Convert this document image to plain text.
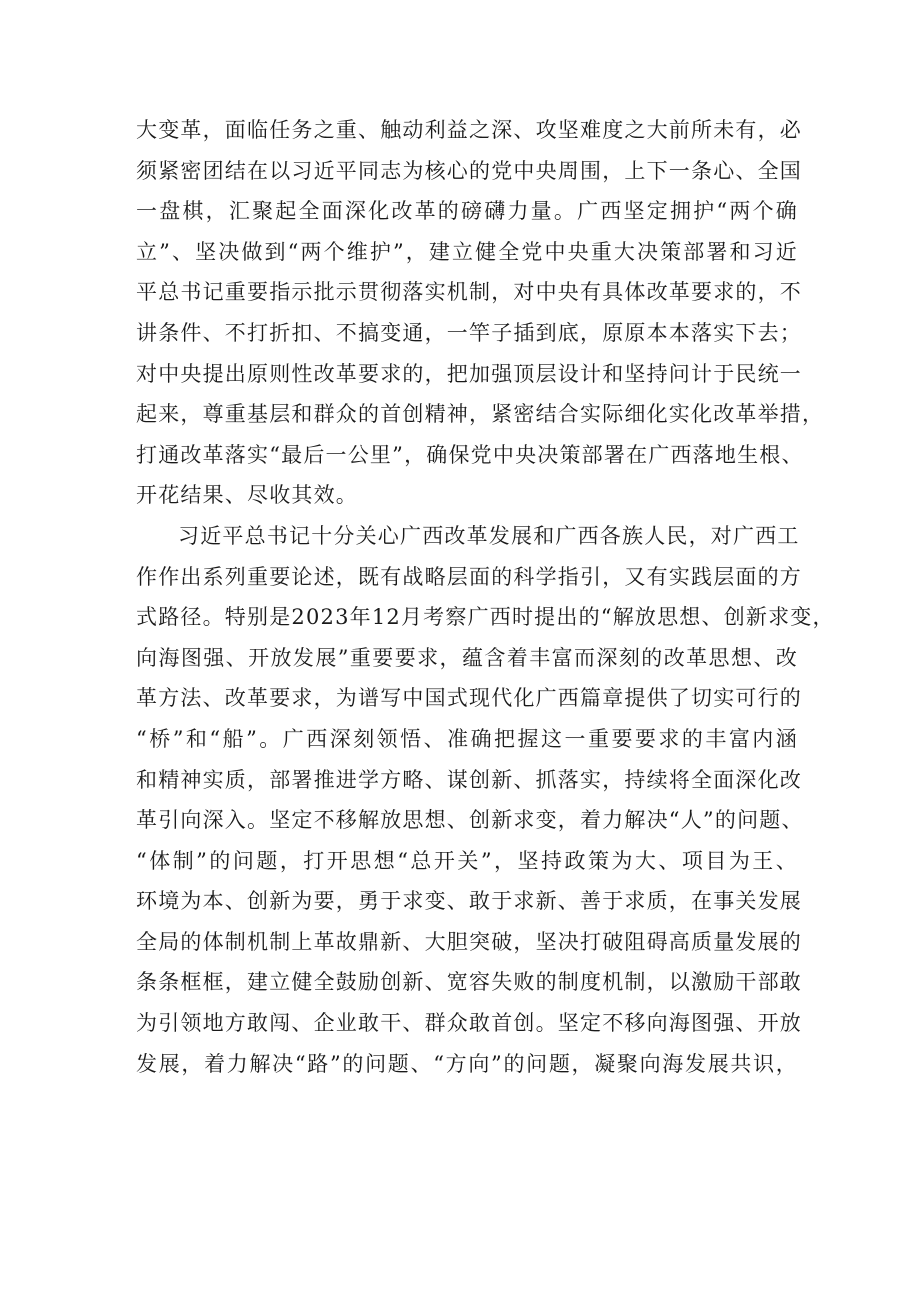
大变革，面临任务之重、触动利益之深、攻坚难度之大前所未有，必
须紧密团结在以习近平同志为核心的党中央周围，上下一条心、全国
一盘棋，汇聚起全面深化改革的磅礴力量。广西坚定拥护“两个确
立”、坚决做到“两个维护”，建立健全党中央重大决策部署和习近
平总书记重要指示批示贯彻落实机制，对中央有具体改革要求的，不
讲条件、不打折扣、不搞变通，一竿子插到底，原原本本落实下去；
对中央提出原则性改革要求的，把加强顶层设计和坚持问计于民统一
起来，尊重基层和群众的首创精神，紧密结合实际细化实化改革举措，
打通改革落实“最后一公里”，确保党中央决策部署在广西落地生根、
开花结果、尽收其效。
习近平总书记十分关心广西改革发展和广西各族人民，对广西工
作作出系列重要论述，既有战略层面的科学指引，又有实践层面的方
式路径。特别是2023年12月考察广西时提出的“解放思想、创新求变，
向海图强、开放发展”重要要求，蕴含着丰富而深刻的改革思想、改
革方法、改革要求，为谱写中国式现代化广西篇章提供了切实可行的
“桥”和“船”。广西深刻领悟、准确把握这一重要要求的丰富内涵
和精神实质，部署推进学方略、谋创新、抓落实，持续将全面深化改
革引向深入。坚定不移解放思想、创新求变，着力解决“人”的问题、
“体制”的问题，打开思想“总开关”，坚持政策为大、项目为王、
环境为本、创新为要，勇于求变、敢于求新、善于求质，在事关发展
全局的体制机制上革故鼎新、大胆突破，坚决打破阻碍高质量发展的
条条框框，建立健全鼓励创新、宽容失败的制度机制，以激励干部敢
为引领地方敢闯、企业敢干、群众敢首创。坚定不移向海图强、开放
发展，着力解决“路”的问题、“方向”的问题，凝聚向海发展共识，
